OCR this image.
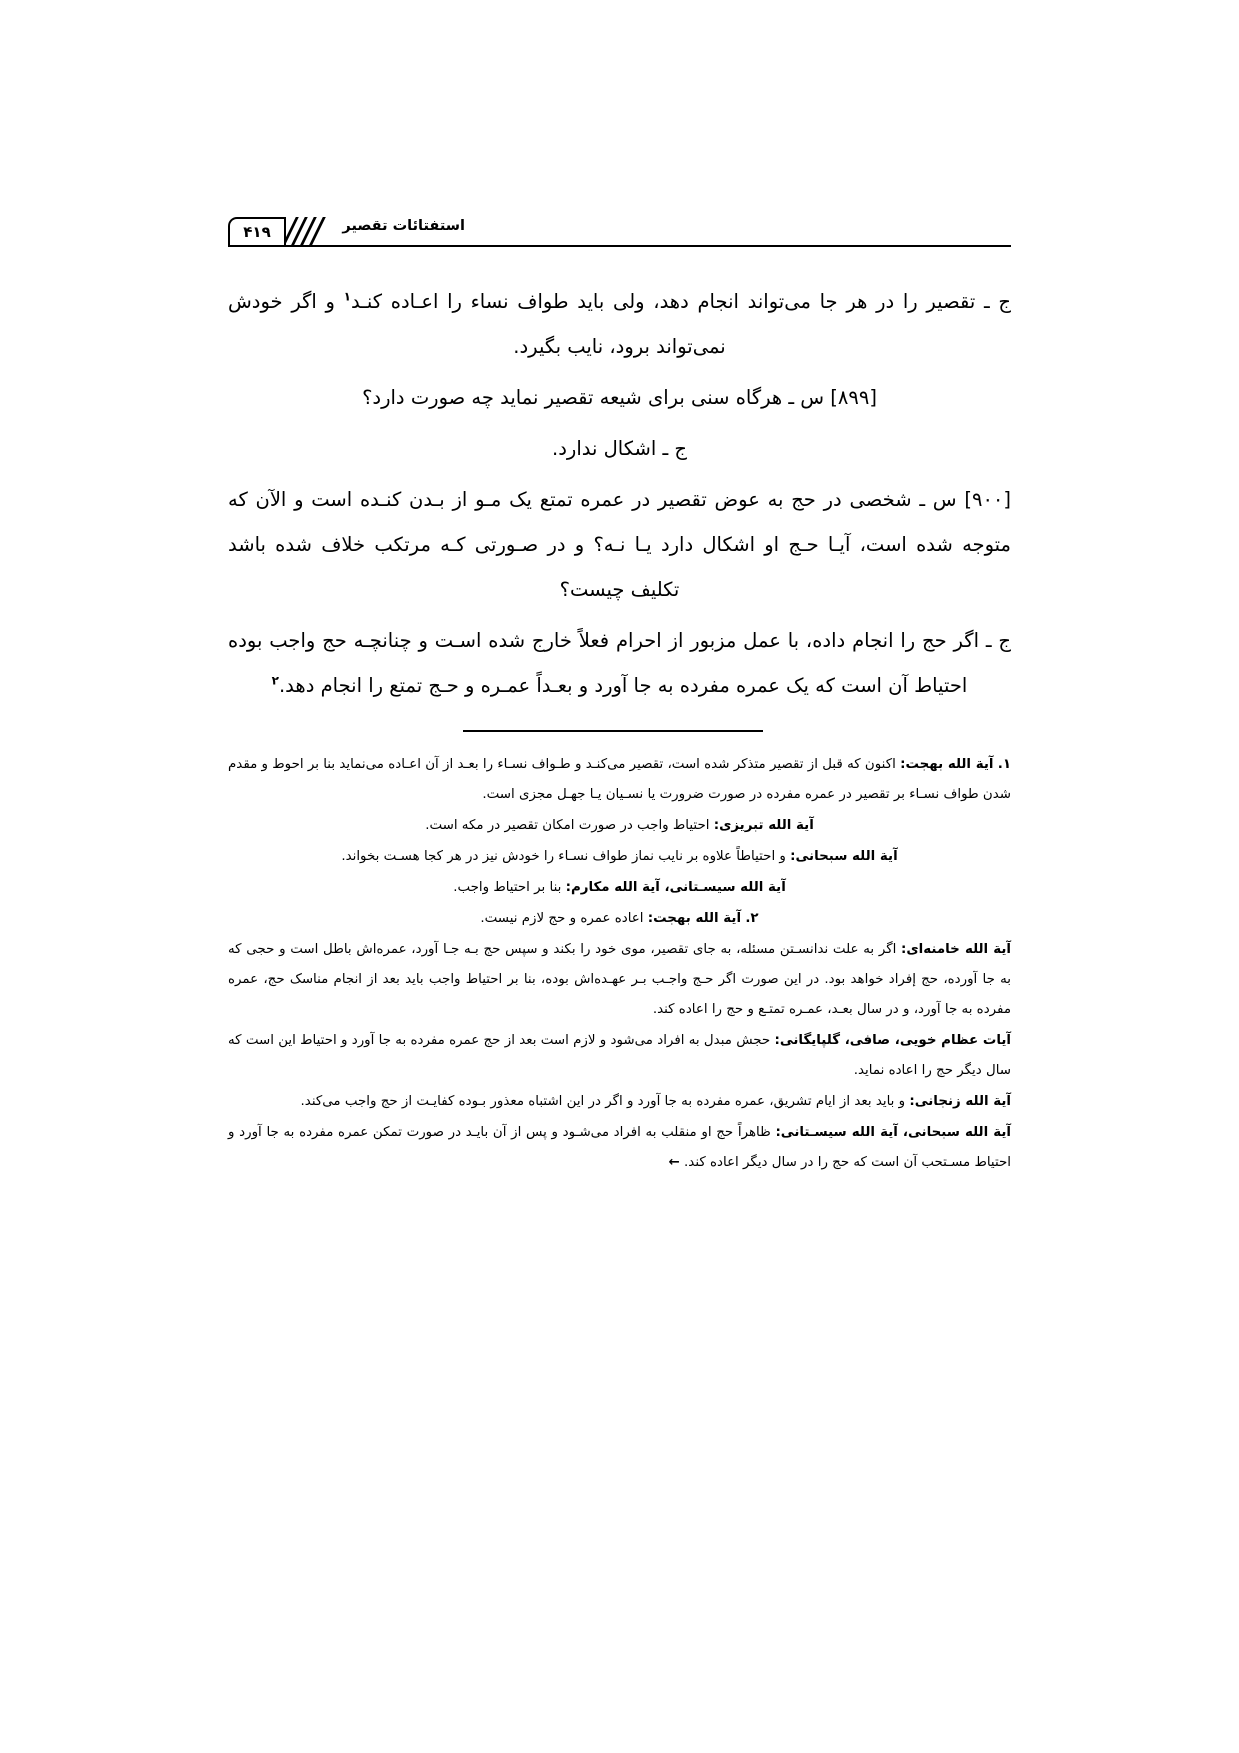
استفتائات تقصیر
۴۱۹

ج ـ تقصیر را در هر جا می‌تواند انجام دهد، ولی باید طواف نساء را اعـاده کنـد$^۱$ و اگر خودش نمی‌تواند برود، نایب بگیرد.

[۸۹۹] س ـ هرگاه سنی برای شیعه تقصیر نماید چه صورت دارد؟

ج ـ اشکال ندارد.

[۹۰۰] س ـ شخصی در حج به عوض تقصیر در عمره تمتع یک مـو از بـدن کنـده است و الآن که متوجه شده است، آیـا حـج او اشکال دارد یـا نـه؟ و در صـورتی کـه مرتکب خلاف شده باشد تکلیف چیست؟

ج ـ اگر حج را انجام داده، با عمل مزبور از احرام فعلاً خارج شده اسـت و چنانچـه حج واجب بوده احتیاط آن است که یک عمره مفرده به جا آورد و بعـداً عمـره و حـج تمتع را انجام دهد.$^۲$

۱. آیة الله بهجت: اکنون که قبل از تقصیر متذکر شده است، تقصیر می‌کنـد و طـواف نسـاء را بعـد از آن اعـاده می‌نماید بنا بر احوط و مقدم شدن طواف نسـاء بر تقصیر در عمره مفرده در صورت ضرورت یا نسـیان یـا جهـل مجزی است.

آیة الله تبریزی: احتیاط واجب در صورت امکان تقصیر در مکه است.

آیة الله سبحانی: و احتیاطاً علاوه بر نایب نماز طواف نسـاء را خودش نیز در هر کجا هسـت بخواند.

آیة الله سیسـتانی، آیة الله مکارم: بنا بر احتیاط واجب.

۲. آیة الله بهجت: اعاده عمره و حج لازم نیست.

آیة الله خامنه‌ای: اگر به علت ندانسـتن مسئله، به جای تقصیر، موی خود را بکند و سپس حج بـه جـا آورد، عمره‌اش باطل است و حجی که به جا آورده، حج إفراد خواهد بود. در این صورت اگر حـج واجـب بـر عهـده‌اش بوده، بنا بر احتیاط واجب باید بعد از انجام مناسک حج، عمره مفرده به جا آورد، و در سال بعـد، عمـره تمتـع و حج را اعاده کند.

آیات عظام خویی، صافی، گلپایگانی: حجش مبدل به افراد می‌شود و لازم است بعد از حج عمره مفرده به جا آورد و احتیاط این است که سال دیگر حج را اعاده نماید.

آیة الله زنجانی: و باید بعد از ایام تشریق، عمره مفرده به جا آورد و اگر در این اشتباه معذور بـوده کفایـت از حج واجب می‌کند.

آیة الله سبحانی، آیة الله سیسـتانی: ظاهراً حج او منقلب به افراد می‌شـود و پس از آن بایـد در صورت تمکن عمره مفرده به جا آورد و احتیاط مسـتحب آن است که حج را در سال دیگر اعاده کند. ←
